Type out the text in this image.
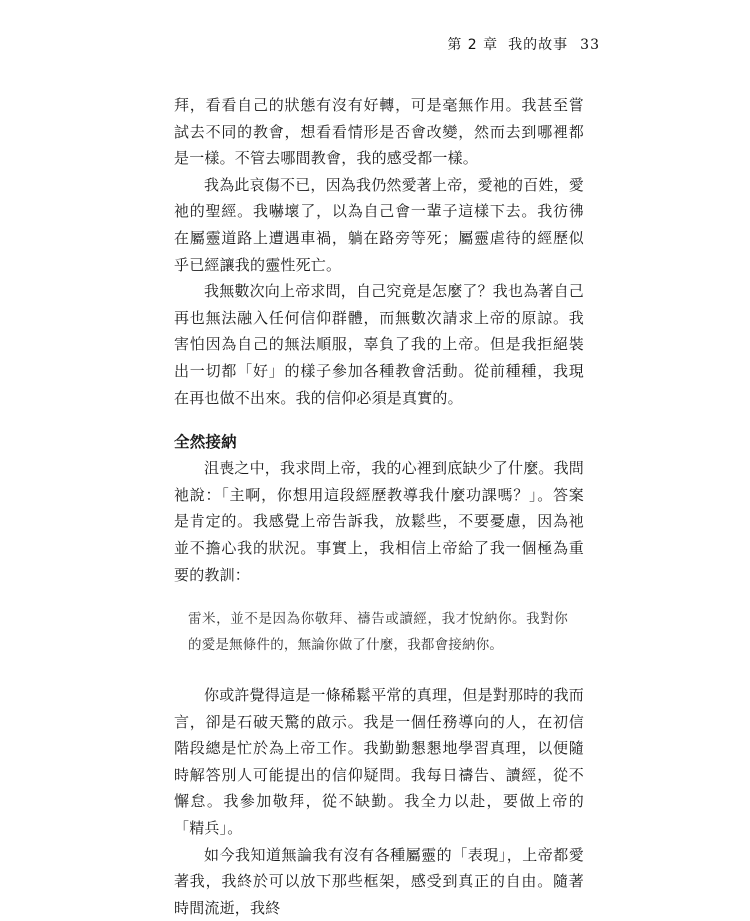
第 2 章 我的故事 33

拜，看看自己的狀態有沒有好轉，可是毫無作用。我甚至嘗試去不同的教會，想看看情形是否會改變，然而去到哪裡都是一樣。不管去哪間教會，我的感受都一樣。

我為此哀傷不已，因為我仍然愛著上帝，愛祂的百姓，愛祂的聖經。我嚇壞了，以為自己會一輩子這樣下去。我彷彿在屬靈道路上遭遇車禍，躺在路旁等死；屬靈虐待的經歷似乎已經讓我的靈性死亡。

我無數次向上帝求問，自己究竟是怎麼了？我也為著自己再也無法融入任何信仰群體，而無數次請求上帝的原諒。我害怕因為自己的無法順服，辜負了我的上帝。但是我拒絕裝出一切都「好」的樣子參加各種教會活動。從前種種，我現在再也做不出來。我的信仰必須是真實的。

全然接納

沮喪之中，我求問上帝，我的心裡到底缺少了什麼。我問祂說：「主啊，你想用這段經歷教導我什麼功課嗎？」。答案是肯定的。我感覺上帝告訴我，放鬆些，不要憂慮，因為祂並不擔心我的狀況。事實上，我相信上帝給了我一個極為重要的教訓：

雷米，並不是因為你敬拜、禱告或讀經，我才悅納你。我對你的愛是無條件的，無論你做了什麼，我都會接納你。

你或許覺得這是一條稀鬆平常的真理，但是對那時的我而言，卻是石破天驚的啟示。我是一個任務導向的人，在初信階段總是忙於為上帝工作。我勤勤懇懇地學習真理，以便隨時解答別人可能提出的信仰疑問。我每日禱告、讀經，從不懈怠。我參加敬拜，從不缺勤。我全力以赴，要做上帝的「精兵」。

如今我知道無論我有沒有各種屬靈的「表現」，上帝都愛著我，我終於可以放下那些框架，感受到真正的自由。隨著時間流逝，我終
